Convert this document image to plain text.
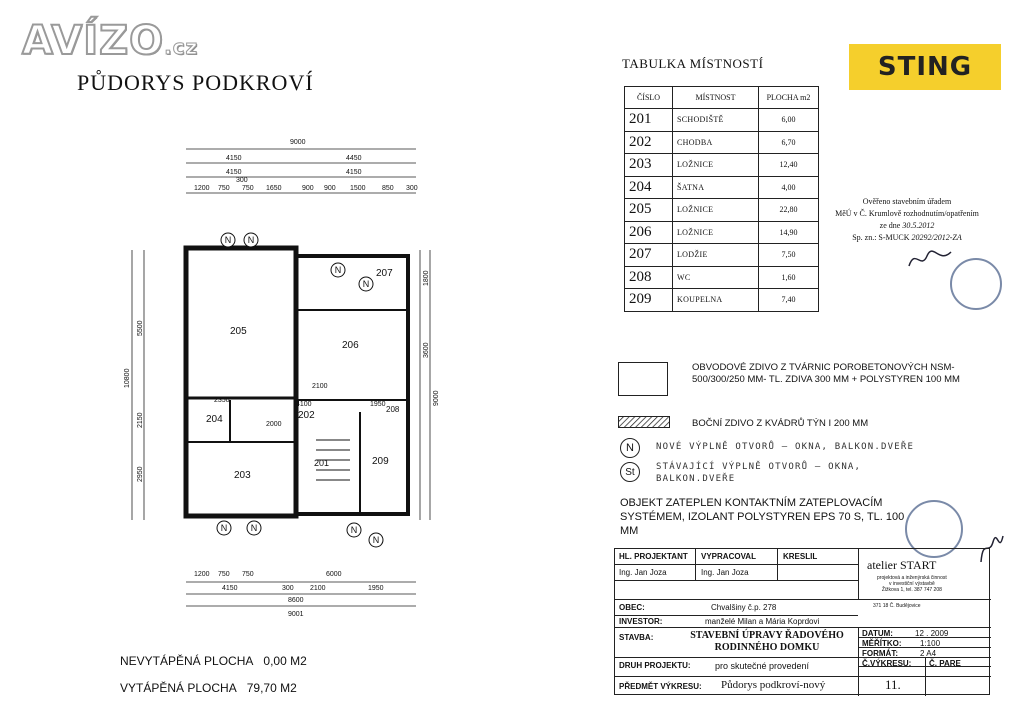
AVÍZO.cz
PŮDORYS PODKROVÍ
STING
TABULKA MÍSTNOSTÍ
ČÍSLO	MÍSTNOST	PLOCHA m2
201	SCHODIŠTĚ	6,00
202	CHODBA	6,70
203	LOŽNICE	12,40
204	ŠATNA	4,00
205	LOŽNICE	22,80
206	LOŽNICE	14,90
207	LODŽIE	7,50
208	WC	1,60
209	KOUPELNA	7,40
Ověřeno stavebním úřadem
MěÚ v Č. Krumlově rozhodnutím/opatřením
ze dne 30.5.2012
Sp. zn.: S-MUCK 20292/2012-ZA
OBVODOVÉ ZDIVO Z TVÁRNIC POROBETONOVÝCH NSM-500/300/250 MM- TL. ZDIVA 300 MM + POLYSTYREN 100 MM
BOČNÍ ZDIVO Z KVÁDRŮ TÝN I 200 MM
N	NOVÉ VÝPLNĚ OTVORŮ – OKNA, BALKON.DVEŘE
St	STÁVAJÍCÍ VÝPLNĚ OTVORŮ – OKNA, BALKON.DVEŘE
OBJEKT ZATEPLEN KONTAKTNÍM ZATEPLOVACÍM SYSTÉMEM, IZOLANT POLYSTYREN EPS 70 S, TL. 100 MM
HL. PROJEKTANT VYPRACOVAL	KRESLIL
Ing. Jan Joza	Ing. Jan Joza
atelier START
projektová a inženýrská činnost
v investiční výstavbě
Žižkova 1, tel. 387 747 208
371 18 Č. Budějovice
OBEC:	Chvalšiny č.p. 278
INVESTOR:	manželé Milan a Mária Koprdovi
STAVBA:	STAVEBNÍ ÚPRAVY ŘADOVÉHO
RODINNÉHO DOMKU
DATUM:	12 . 2009
MĚŘÍTKO: 1:100
FORMÁT:	2 A4
DRUH PROJEKTU:	pro skutečné provedení
PŘEDMĚT VÝKRESU: Půdorys podkroví-nový
Č.VÝKRESU:
11.
Č. PARE
205
206
207
204	202
208
201	209
203
9000
4150	4450
4150	4150
1200 750 750 1650	900 900 1500 850
300
300
1200 750 750	6000
4150	300 2100	1950
8600
9001
10800
5500
2150
2950
1800
3600
9000
2350
4100	1950
2000
2100
N N
N
N
N	N	N
N
NEVYTÁPĚNÁ PLOCHA 0,00 M2
VYTÁPĚNÁ PLOCHA 79,70 M2
